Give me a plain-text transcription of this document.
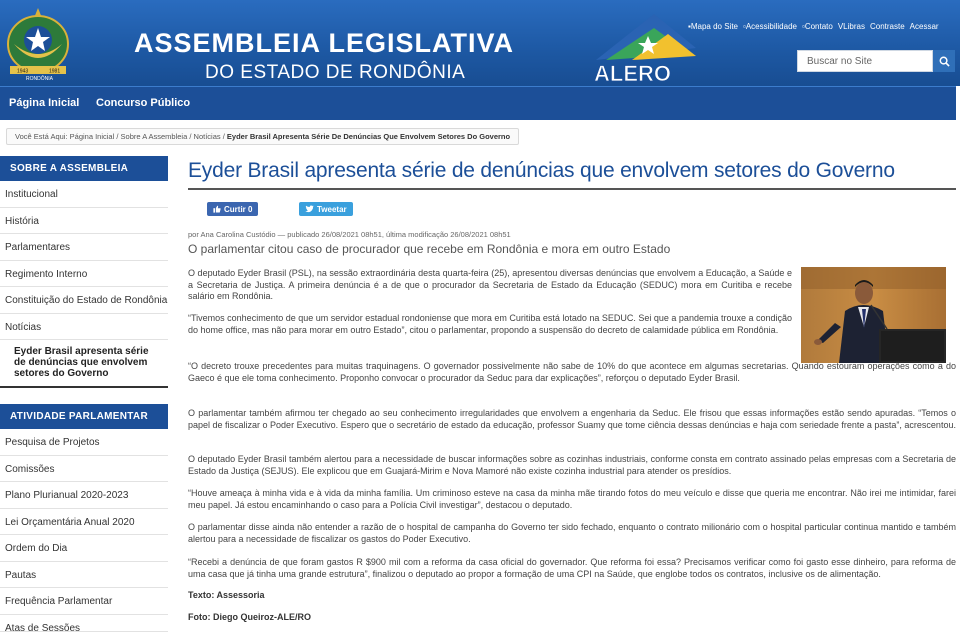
1943	1981
RONDÔNIA
ASSEMBLEIA LEGISLATIVA
DO ESTADO DE RONDÔNIA	ALERO
▪Mapa do Site ▫Acessibilidade ▫Contato VLibras Contraste Acessar
Buscar no Site
Página Inicial Concurso Público
Você Está Aqui: Página Inicial / Sobre A Assembleia / Notícias / Eyder Brasil Apresenta Série De Denúncias Que Envolvem Setores Do Governo
SOBRE A ASSEMBLEIA
Institucional
História
Parlamentares
Regimento Interno
Constituição do Estado de Rondônia
Notícias
Eyder Brasil apresenta série de denúncias que envolvem setores do Governo
ATIVIDADE PARLAMENTAR
Pesquisa de Projetos
Comissões
Plano Plurianual 2020-2023
Lei Orçamentária Anual 2020
Ordem do Dia
Pautas
Frequência Parlamentar
Atas de Sessões
Eyder Brasil apresenta série de denúncias que envolvem setores do Governo
Curtir 0	Tweetar
por Ana Carolina Custódio — publicado 26/08/2021 08h51, última modificação 26/08/2021 08h51
O parlamentar citou caso de procurador que recebe em Rondônia e mora em outro Estado

O deputado Eyder Brasil (PSL), na sessão extraordinária desta quarta-feira (25), apresentou diversas denúncias que envolvem a Educação, a Saúde e a Secretaria de Justiça. A primeira denúncia é a de que o procurador da Secretaria de Estado da Educação (SEDUC) mora em Curitiba e recebe salário em Rondônia.

“Tivemos conhecimento de que um servidor estadual rondoniense que mora em Curitiba está lotado na SEDUC. Sei que a pandemia trouxe a condição do home office, mas não para morar em outro Estado”, citou o parlamentar, propondo a suspensão do decreto de calamidade pública em Rondônia.

“O decreto trouxe precedentes para muitas traquinagens. O governador possivelmente não sabe de 10% do que acontece em algumas secretarias. Quando estouram operações como a do Gaeco é que ele toma conhecimento. Proponho convocar o procurador da Seduc para dar explicações”, reforçou o deputado Eyder Brasil.

O parlamentar também afirmou ter chegado ao seu conhecimento irregularidades que envolvem a engenharia da Seduc. Ele frisou que essas informações estão sendo apuradas. “Temos o papel de fiscalizar o Poder Executivo. Espero que o secretário de estado da educação, professor Suamy que tome ciência dessas denúncias e haja com seriedade frente a pasta”, acrescentou.

O deputado Eyder Brasil também alertou para a necessidade de buscar informações sobre as cozinhas industriais, conforme consta em contrato assinado pelas empresas com a Secretaria de Estado da Justiça (SEJUS). Ele explicou que em Guajará-Mirim e Nova Mamoré não existe cozinha industrial para atender os presídios.

“Houve ameaça à minha vida e à vida da minha família. Um criminoso esteve na casa da minha mãe tirando fotos do meu veículo e disse que queria me encontrar. Não irei me intimidar, farei meu papel. Já estou encaminhando o caso para a Polícia Civil investigar”, destacou o deputado.

O parlamentar disse ainda não entender a razão de o hospital de campanha do Governo ter sido fechado, enquanto o contrato milionário com o hospital particular continua mantido e também alertou para a necessidade de fiscalizar os gastos do Poder Executivo.

“Recebi a denúncia de que foram gastos R $900 mil com a reforma da casa oficial do governador. Que reforma foi essa? Precisamos verificar como foi gasto esse dinheiro, para reforma de uma casa que já tinha uma grande estrutura”, finalizou o deputado ao propor a formação de uma CPI na Saúde, que englobe todos os contratos, inclusive os de alimentação.

Texto: Assessoria

Foto: Diego Queiroz-ALE/RO
